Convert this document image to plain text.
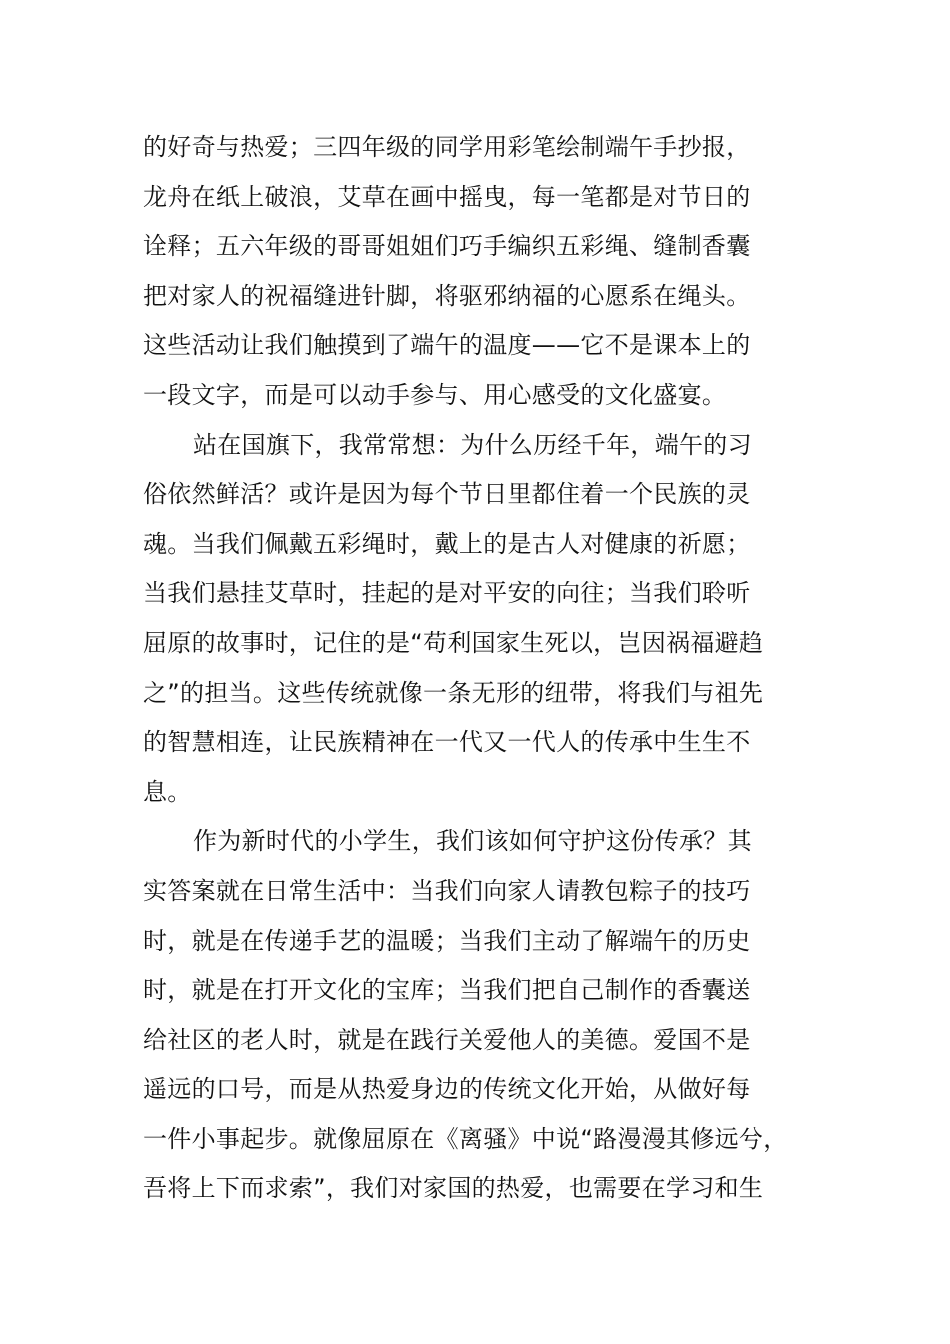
的好奇与热爱；三四年级的同学用彩笔绘制端午手抄报，
龙舟在纸上破浪，艾草在画中摇曳，每一笔都是对节日的
诠释；五六年级的哥哥姐姐们巧手编织五彩绳、缝制香囊
把对家人的祝福缝进针脚，将驱邪纳福的心愿系在绳头。
这些活动让我们触摸到了端午的温度——它不是课本上的
一段文字，而是可以动手参与、用心感受的文化盛宴。
站在国旗下，我常常想：为什么历经千年，端午的习
俗依然鲜活？或许是因为每个节日里都住着一个民族的灵
魂。当我们佩戴五彩绳时，戴上的是古人对健康的祈愿；
当我们悬挂艾草时，挂起的是对平安的向往；当我们聆听
屈原的故事时，记住的是“苟利国家生死以，岂因祸福避趋
之”的担当。这些传统就像一条无形的纽带，将我们与祖先
的智慧相连，让民族精神在一代又一代人的传承中生生不
息。
作为新时代的小学生，我们该如何守护这份传承？其
实答案就在日常生活中：当我们向家人请教包粽子的技巧
时，就是在传递手艺的温暖；当我们主动了解端午的历史
时，就是在打开文化的宝库；当我们把自己制作的香囊送
给社区的老人时，就是在践行关爱他人的美德。爱国不是
遥远的口号，而是从热爱身边的传统文化开始，从做好每
一件小事起步。就像屈原在《离骚》中说“路漫漫其修远兮，
吾将上下而求索”，我们对家国的热爱，也需要在学习和生
